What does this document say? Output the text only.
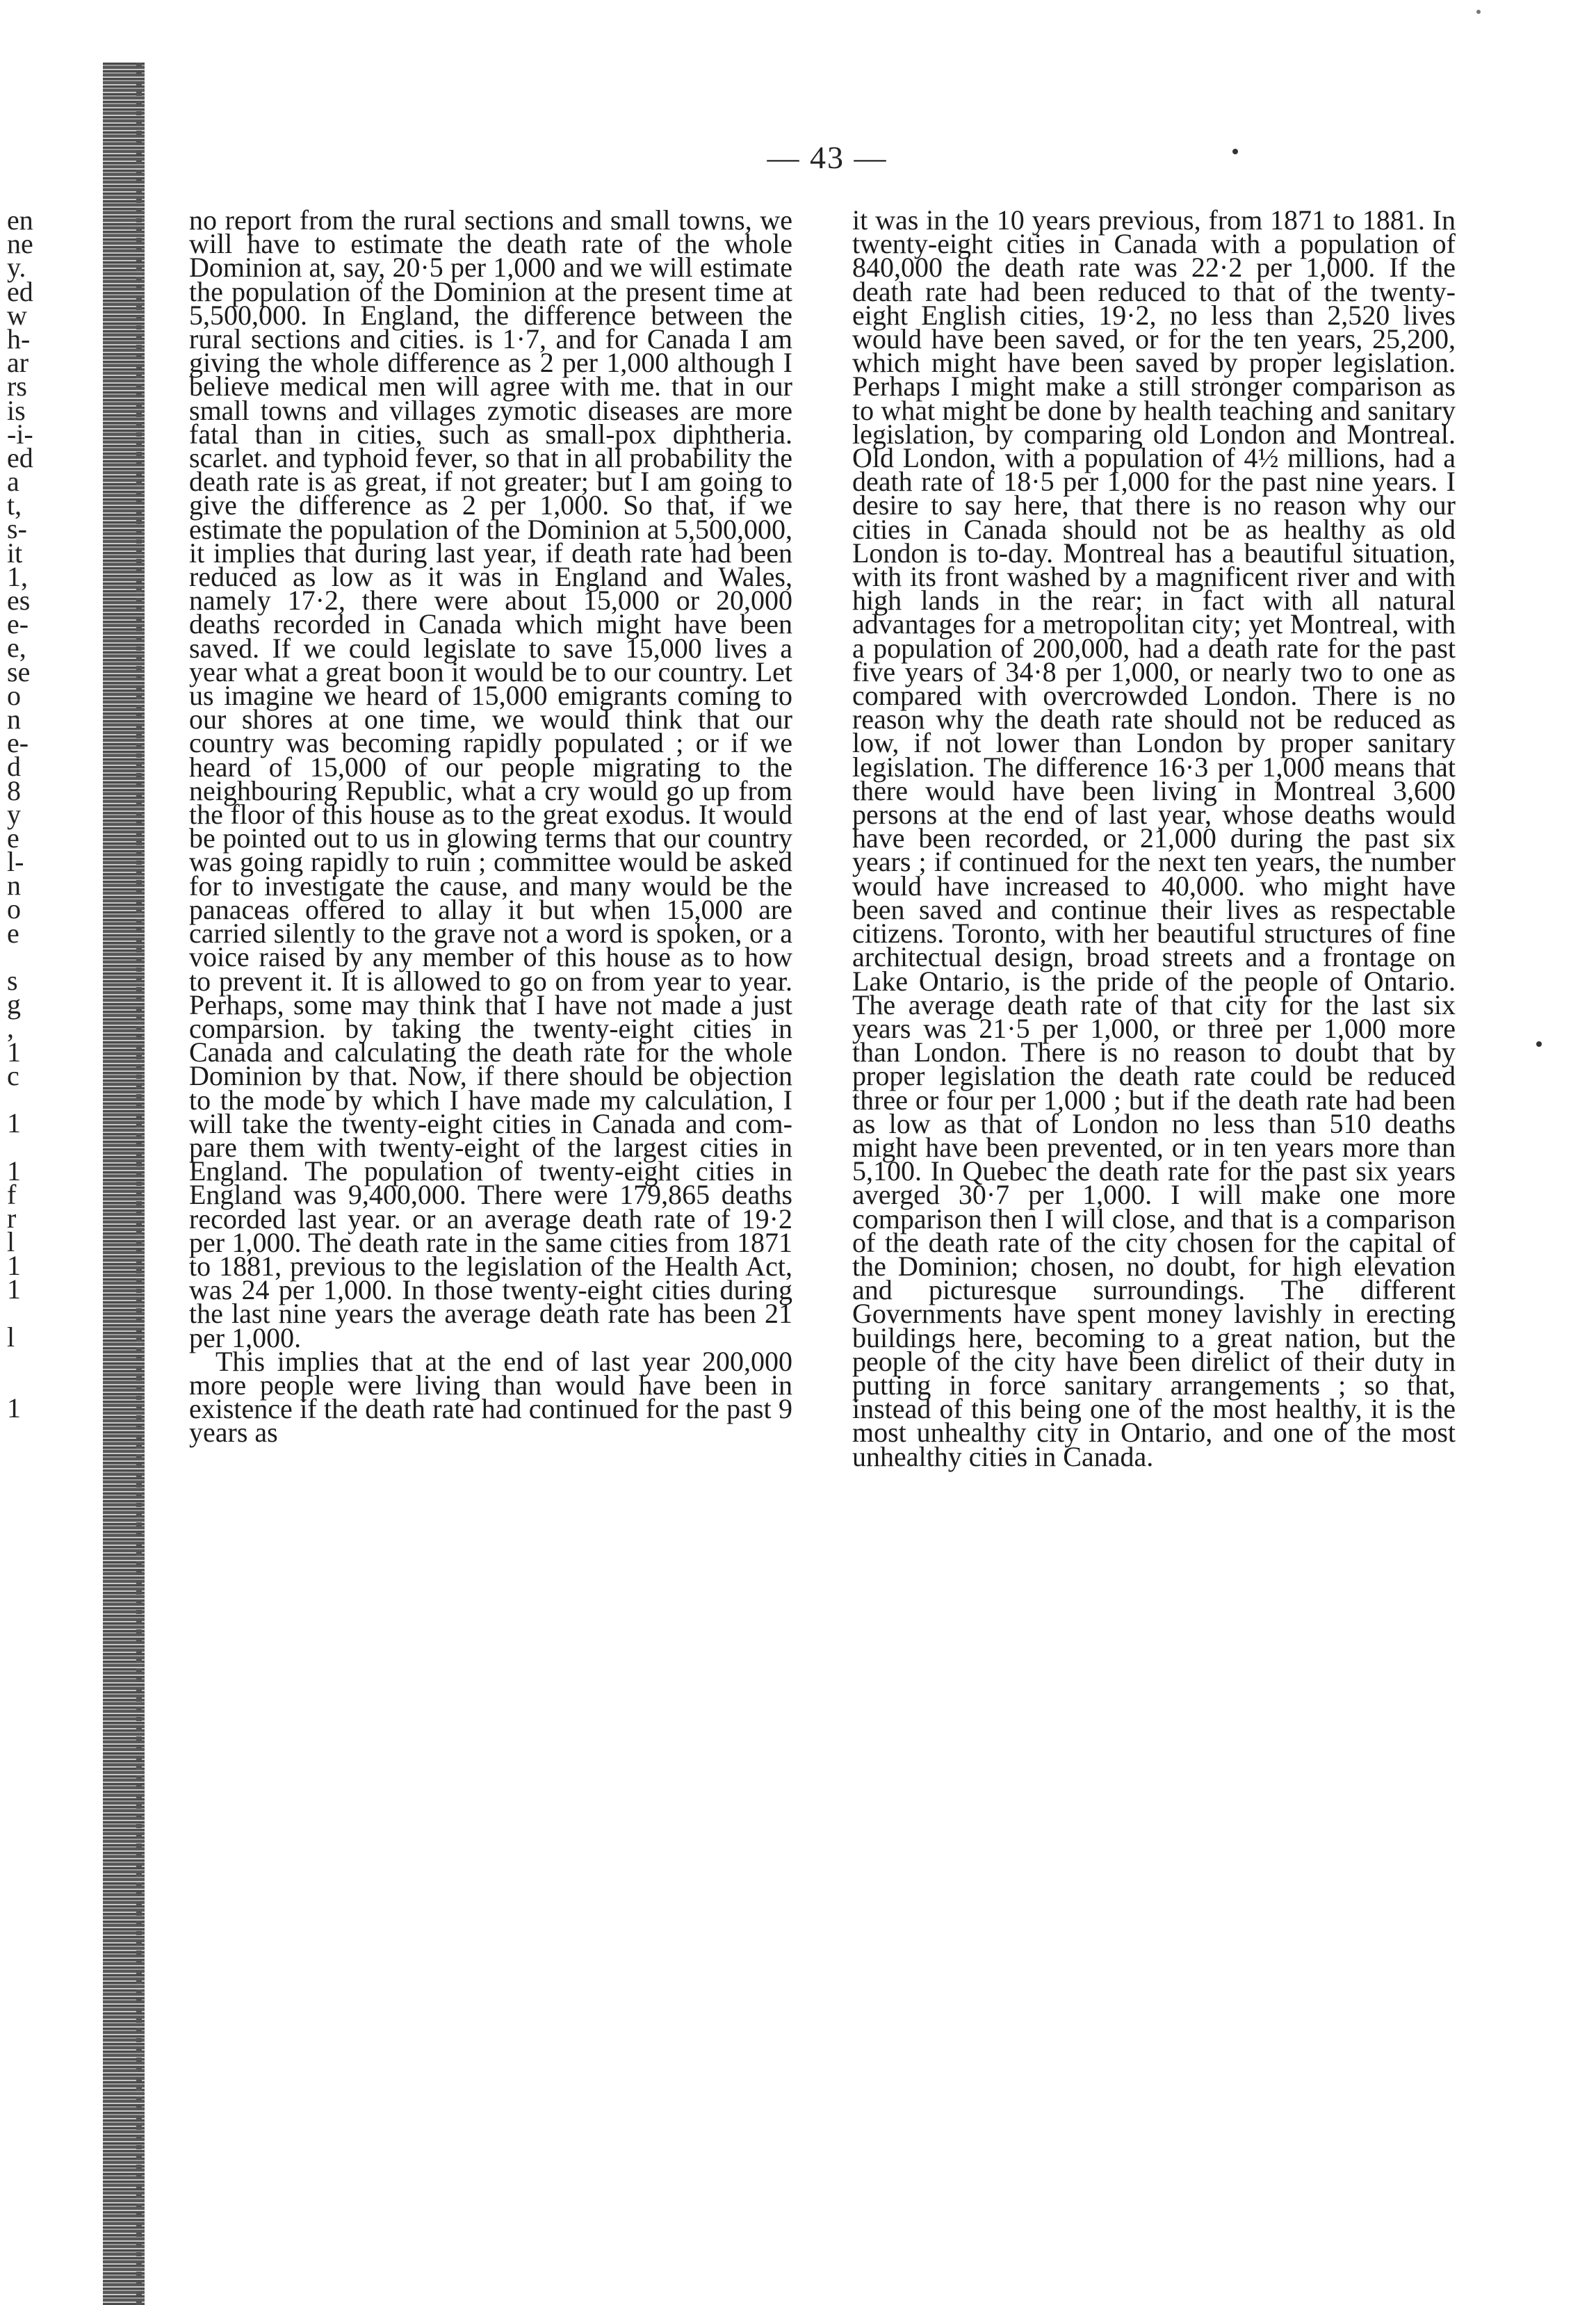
en
ne
y.
ed
w
h-
ar
rs
is
-i-
ed
a
t,
s-
it
1,
es
e-
e,
se
o
n
e-
d
8
y
e
l-
n
o
e
s
g
,
1
c
1
1
f
r
l
1
1
l
1
— 43 —

no report from the rural sections and small towns, we will have to estimate the death rate of the whole Dominion at, say, 20·5 per 1,000 and we will estimate the population of the Dominion at the present time at 5,500,000. In England, the difference between the rural sections and cities. is 1·7, and for Canada I am giving the whole difference as 2 per 1,000 although I believe medical men will agree with me. that in our small towns and villages zymotic diseases are more fatal than in cities, such as small-pox diphtheria. scarlet. and typhoid fever, so that in all probability the death rate is as great, if not greater; but I am going to give the difference as 2 per 1,000. So that, if we estimate the population of the Dominion at 5,500,000, it implies that during last year, if death rate had been reduced as low as it was in England and Wales, namely 17·2, there were about 15,000 or 20,000 deaths recorded in Canada which might have been saved. If we could legislate to save 15,000 lives a year what a great boon it would be to our country. Let us imagine we heard of 15,000 emigrants coming to our shores at one time, we would think that our country was becoming rapidly populated ; or if we heard of 15,000 of our people migrating to the neighbouring Republic, what a cry would go up from the floor of this house as to the great exodus. It would be pointed out to us in glowing terms that our country was going rapidly to ruin ; committee would be asked for to investigate the cause, and many would be the panaceas offered to allay it but when 15,000 are carried silently to the grave not a word is spoken, or a voice raised by any member of this house as to how to prevent it. It is allowed to go on from year to year. Perhaps, some may think that I have not made a just comparsion. by taking the twenty-eight cities in Canada and calculating the death rate for the whole Dominion by that. Now, if there should be objection to the mode by which I have made my calculation, I will take the twenty-eight cities in Canada and compare them with twenty-eight of the largest cities in England. The population of twenty-eight cities in England was 9,400,000. There were 179,865 deaths recorded last year. or an average death rate of 19·2 per 1,000. The death rate in the same cities from 1871 to 1881, previous to the legislation of the Health Act, was 24 per 1,000. In those twenty-eight cities during the last nine years the average death rate has been 21 per 1,000.

This implies that at the end of last year 200,000 more people were living than would have been in existence if the death rate had continued for the past 9 years as

it was in the 10 years previous, from 1871 to 1881. In twenty-eight cities in Canada with a population of 840,000 the death rate was 22·2 per 1,000. If the death rate had been reduced to that of the twenty-eight English cities, 19·2, no less than 2,520 lives would have been saved, or for the ten years, 25,200, which might have been saved by proper legislation. Perhaps I might make a still stronger comparison as to what might be done by health teaching and sanitary legislation, by comparing old London and Montreal. Old London, with a population of 4½ millions, had a death rate of 18·5 per 1,000 for the past nine years. I desire to say here, that there is no reason why our cities in Canada should not be as healthy as old London is to-day. Montreal has a beautiful situation, with its front washed by a magnificent river and with high lands in the rear; in fact with all natural advantages for a metropolitan city; yet Montreal, with a population of 200,000, had a death rate for the past five years of 34·8 per 1,000, or nearly two to one as compared with overcrowded London. There is no reason why the death rate should not be reduced as low, if not lower than London by proper sanitary legislation. The difference 16·3 per 1,000 means that there would have been living in Montreal 3,600 persons at the end of last year, whose deaths would have been recorded, or 21,000 during the past six years ; if continued for the next ten years, the number would have increased to 40,000. who might have been saved and continue their lives as respectable citizens. Toronto, with her beautiful structures of fine architectual design, broad streets and a frontage on Lake Ontario, is the pride of the people of Ontario. The average death rate of that city for the last six years was 21·5 per 1,000, or three per 1,000 more than London. There is no reason to doubt that by proper legislation the death rate could be reduced three or four per 1,000 ; but if the death rate had been as low as that of London no less than 510 deaths might have been prevented, or in ten years more than 5,100. In Quebec the death rate for the past six years averged 30·7 per 1,000. I will make one more comparison then I will close, and that is a comparison of the death rate of the city chosen for the capital of the Dominion; chosen, no doubt, for high elevation and picturesque surroundings. The different Governments have spent money lavishly in erecting buildings here, becoming to a great nation, but the people of the city have been direlict of their duty in putting in force sanitary arrangements ; so that, instead of this being one of the most healthy, it is the most unhealthy city in Ontario, and one of the most unhealthy cities in Canada.
